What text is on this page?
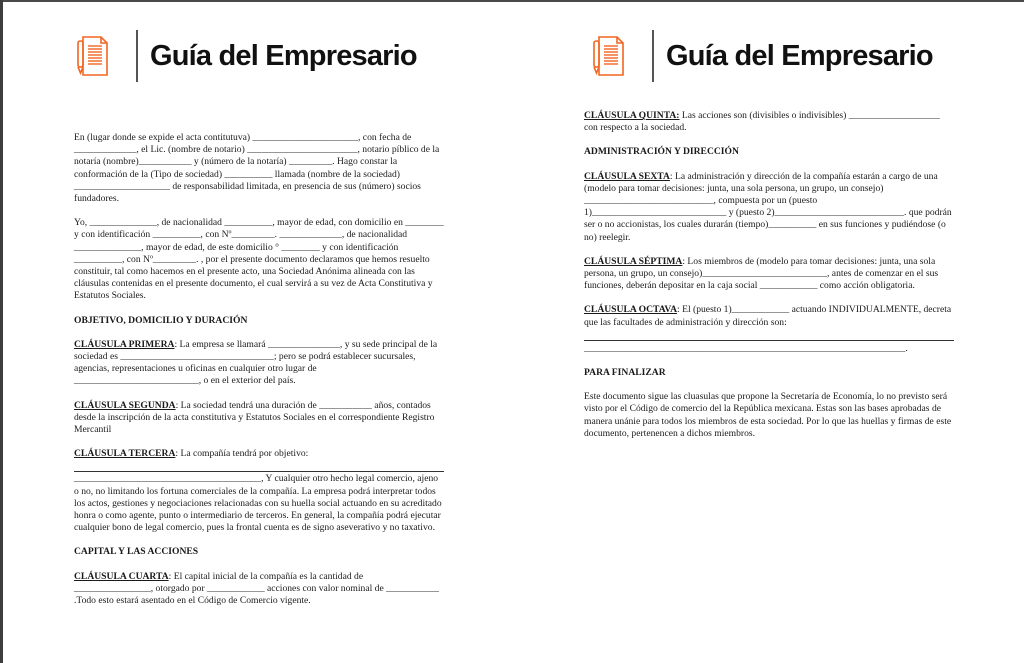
Guía del Empresario

En (lugar donde se expide el acta contitutuva) ______________________, con fecha de _____________, el Lic. (nombre de notario) _______________________, notario píblico de la notaría (nombre)___________ y (número de la notaría) _________. Hago constar la conformación de la (Tipo de sociedad) __________ llamada (nombre de la sociedad) ____________________ de responsabilidad limitada, en presencia de sus (número) socios fundadores.

Yo, ______________, de nacionalidad __________, mayor de edad, con domicilio en ________ y con identificación __________, con Nº_________. _____________, de nacionalidad ______________, mayor de edad, de este domicilio ° ________ y con identificación __________, con Nº_________. , por el presente documento declaramos que hemos resuelto constituir, tal como hacemos en el presente acto, una Sociedad Anónima alineada con las cláusulas contenidas en el presente documento, el cual servirá a su vez de Acta Constitutiva y Estatutos Sociales.

OBJETIVO, DOMICILIO Y DURACIÓN

CLÁUSULA PRIMERA: La empresa se llamará _______________, y su sede principal de la sociedad es ________________________________; pero se podrá establecer sucursales, agencias, representaciones u oficinas en cualquier otro lugar de __________________________, o en el exterior del país.

CLÁUSULA SEGUNDA: La sociedad tendrá una duración de ___________ años, contados desde la inscripción de la acta constitutiva y Estatutos Sociales en el correspondiente Registro Mercantil

CLÁUSULA TERCERA: La compañía tendrá por objetivo:

_______________________________________, Y cualquier otro hecho legal comercio, ajeno o no, no limitando los fortuna comerciales de la compañía. La empresa podrá interpretar todos los actos, gestiones y negociaciones relacionadas con su huella social actuando en su acreditado honra o como agente, punto o intermediario de terceros. En general, la compañía podrá ejecutar cualquier bono de legal comercio, pues la frontal cuenta es de signo aseverativo y no taxativo.

CAPITAL Y LAS ACCIONES

CLÁUSULA CUARTA: El capital inicial de la compañía es la cantidad de ________________, otorgado por ____________ acciones con valor nominal de ___________ .Todo esto estará asentado en el Código de Comercio vigente.

Guía del Empresario

CLÁUSULA QUINTA: Las acciones son (divisibles o indivisibles) ___________________ con respecto a la sociedad.

ADMINISTRACIÓN Y DIRECCIÓN

CLÁUSULA SEXTA: La administración y dirección de la compañía estarán a cargo de una (modelo para tomar decisiones: junta, una sola persona, un grupo, un consejo) ___________________________, compuesta por un (puesto 1)____________________________ y (puesto 2)___________________________. que podrán ser o no accionistas, los cuales durarán (tiempo)__________ en sus funciones y pudiéndose (o no) reelegir.

CLÁUSULA SÉPTIMA: Los miembros de (modelo para tomar decisiones: junta, una sola persona, un grupo, un consejo)__________________________, antes de comenzar en el sus funciones, deberán depositar en la caja social ____________ como acción obligatoria.

CLÁUSULA OCTAVA: El (puesto 1)____________ actuando INDIVIDUALMENTE, decreta que las facultades de administración y dirección son:

___________________________________________________________________.

PARA FINALIZAR

Este documento sigue las cluasulas que propone la Secretaría de Economía, lo no previsto será visto por el Código de comercio del la República mexicana. Estas son las bases aprobadas de manera unánie para todos los miembros de esta sociedad. Por lo que las huellas y firmas de este documento, pertenencen a dichos miembros.
